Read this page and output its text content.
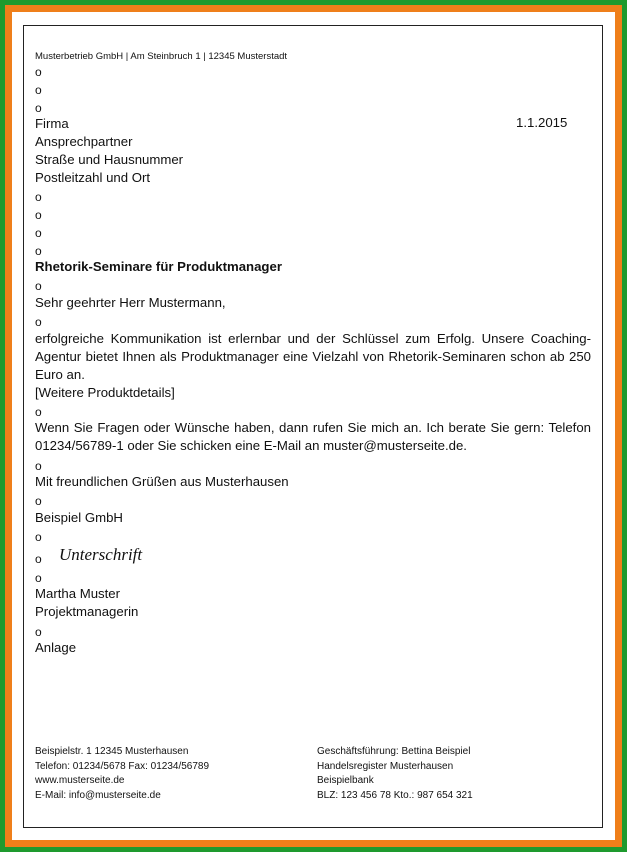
Musterbetrieb GmbH | Am Steinbruch 1 | 12345 Musterstadt
o
o
o
Firma	1.1.2015
Ansprechpartner
Straße und Hausnummer
Postleitzahl und Ort
o
o
o
o
Rhetorik-Seminare für Produktmanager
o
Sehr geehrter Herr Mustermann,
o
erfolgreiche Kommunikation ist erlernbar und der Schlüssel zum Erfolg. Unsere Coaching-Agentur bietet Ihnen als Produktmanager eine Vielzahl von Rhetorik-Seminaren schon ab 250 Euro an.
[Weitere Produktdetails]
o
Wenn Sie Fragen oder Wünsche haben, dann rufen Sie mich an. Ich berate Sie gern: Telefon 01234/56789-1 oder Sie schicken eine E-Mail an muster@musterseite.de.
o
Mit freundlichen Grüßen aus Musterhausen
o
Beispiel GmbH
o
o Unterschrift
o
Martha Muster
Projektmanagerin
o
Anlage
Beispielstr. 1 12345 Musterhausen
Telefon: 01234/5678 Fax: 01234/56789
www.musterseite.de
E-Mail: info@musterseite.de
Geschäftsführung: Bettina Beispiel
Handelsregister Musterhausen
Beispielbank
BLZ: 123 456 78 Kto.: 987 654 321
